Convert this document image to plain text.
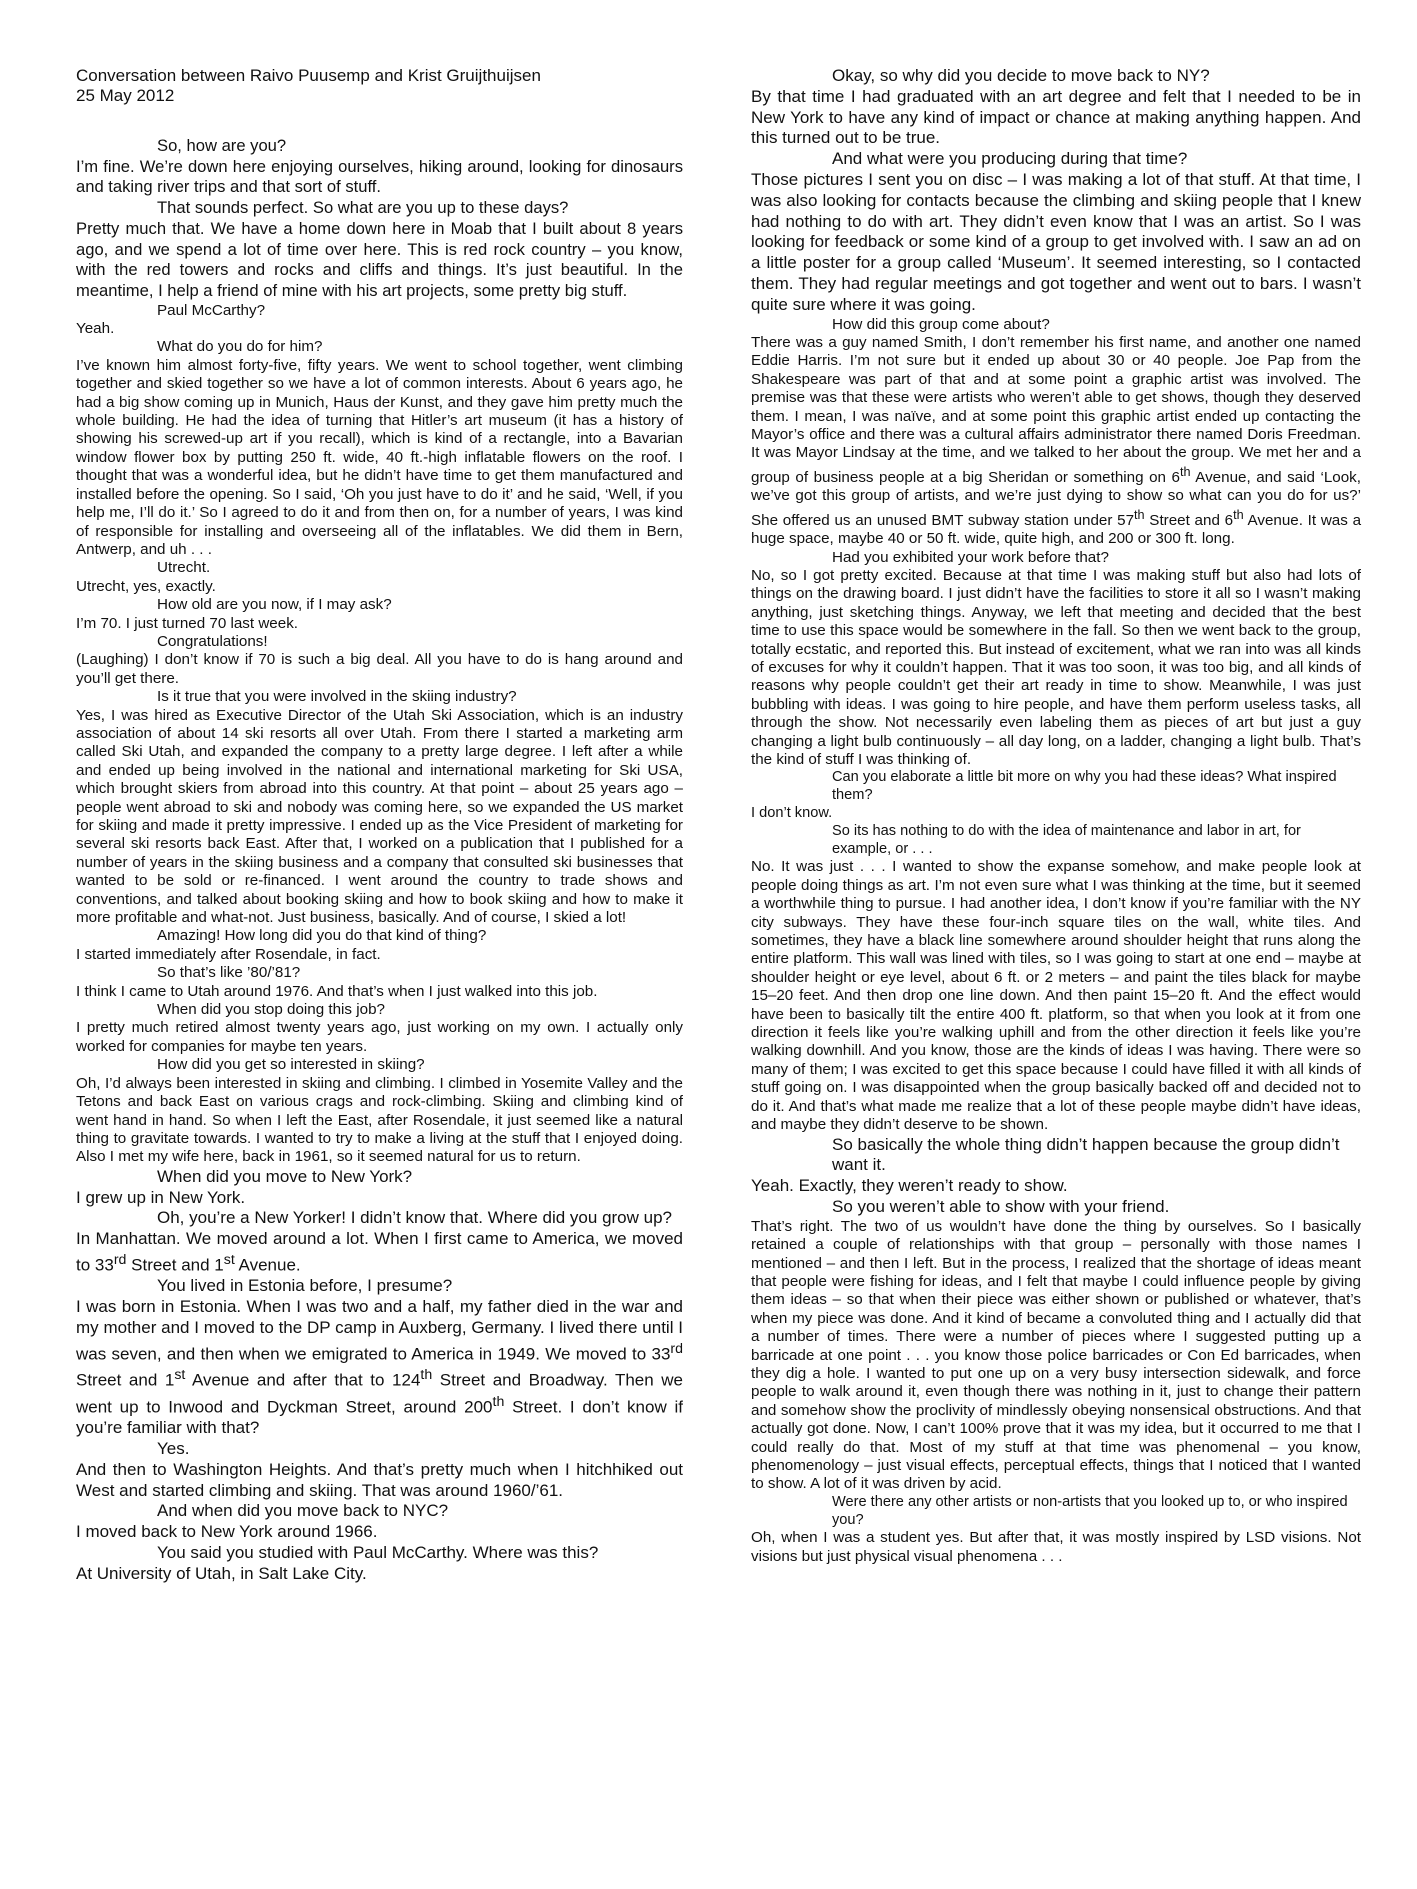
Conversation between Raivo Puusemp and Krist Gruijthuijsen
25 May 2012

So, how are you?

I’m fine. We’re down here enjoying ourselves, hiking around, looking for dinosaurs and taking river trips and that sort of stuff.

That sounds perfect. So what are you up to these days?

Pretty much that. We have a home down here in Moab that I built about 8 years ago, and we spend a lot of time over here. This is red rock country – you know, with the red towers and rocks and cliffs and things. It’s just beautiful. In the meantime, I help a friend of mine with his art projects, some pretty big stuff.

Paul McCarthy?

Yeah.

What do you do for him?

I’ve known him almost forty-five, fifty years. We went to school together, went climbing together and skied together so we have a lot of common interests. About 6 years ago, he had a big show coming up in Munich, Haus der Kunst, and they gave him pretty much the whole building. He had the idea of turning that Hitler’s art museum (it has a history of showing his screwed-up art if you recall), which is kind of a rectangle, into a Bavarian window flower box by putting 250 ft. wide, 40 ft.-high inflatable flowers on the roof. I thought that was a wonderful idea, but he didn’t have time to get them manufactured and installed before the opening. So I said, ‘Oh you just have to do it’ and he said, ‘Well, if you help me, I’ll do it.’ So I agreed to do it and from then on, for a number of years, I was kind of responsible for installing and overseeing all of the inflatables. We did them in Bern, Antwerp, and uh . . .

Utrecht.

Utrecht, yes, exactly.

How old are you now, if I may ask?

I’m 70. I just turned 70 last week.

Congratulations!

(Laughing) I don’t know if 70 is such a big deal. All you have to do is hang around and you’ll get there.

Is it true that you were involved in the skiing industry?

Yes, I was hired as Executive Director of the Utah Ski Association, which is an industry association of about 14 ski resorts all over Utah. From there I started a marketing arm called Ski Utah, and expanded the company to a pretty large degree. I left after a while and ended up being involved in the national and international marketing for Ski USA, which brought skiers from abroad into this country. At that point – about 25 years ago – people went abroad to ski and nobody was coming here, so we expanded the US market for skiing and made it pretty impressive. I ended up as the Vice President of marketing for several ski resorts back East. After that, I worked on a publication that I published for a number of years in the skiing business and a company that consulted ski businesses that wanted to be sold or re-financed. I went around the country to trade shows and conventions, and talked about booking skiing and how to book skiing and how to make it more profitable and what-not. Just business, basically. And of course, I skied a lot!

Amazing! How long did you do that kind of thing?

I started immediately after Rosendale, in fact.

So that’s like ’80/’81?

I think I came to Utah around 1976. And that’s when I just walked into this job.

When did you stop doing this job?

I pretty much retired almost twenty years ago, just working on my own. I actually only worked for companies for maybe ten years.

How did you get so interested in skiing?

Oh, I’d always been interested in skiing and climbing. I climbed in Yosemite Valley and the Tetons and back East on various crags and rock-climbing. Skiing and climbing kind of went hand in hand. So when I left the East, after Rosendale, it just seemed like a natural thing to gravitate towards. I wanted to try to make a living at the stuff that I enjoyed doing. Also I met my wife here, back in 1961, so it seemed natural for us to return.

When did you move to New York?

I grew up in New York.

Oh, you’re a New Yorker! I didn’t know that. Where did you grow up?

In Manhattan. We moved around a lot. When I first came to America, we moved to 33rd Street and 1st Avenue.

You lived in Estonia before, I presume?

I was born in Estonia. When I was two and a half, my father died in the war and my mother and I moved to the DP camp in Auxberg, Germany. I lived there until I was seven, and then when we emigrated to America in 1949. We moved to 33rd Street and 1st Avenue and after that to 124th Street and Broadway. Then we went up to Inwood and Dyckman Street, around 200th Street. I don’t know if you’re familiar with that?

Yes.

And then to Washington Heights. And that’s pretty much when I hitchhiked out West and started climbing and skiing. That was around 1960/’61.

And when did you move back to NYC?

I moved back to New York around 1966.

You said you studied with Paul McCarthy. Where was this?

At University of Utah, in Salt Lake City.

Okay, so why did you decide to move back to NY?

By that time I had graduated with an art degree and felt that I needed to be in New York to have any kind of impact or chance at making anything happen. And this turned out to be true.

And what were you producing during that time?

Those pictures I sent you on disc – I was making a lot of that stuff. At that time, I was also looking for contacts because the climbing and skiing people that I knew had nothing to do with art. They didn’t even know that I was an artist. So I was looking for feedback or some kind of a group to get involved with. I saw an ad on a little poster for a group called ‘Museum’. It seemed interesting, so I contacted them. They had regular meetings and got together and went out to bars. I wasn’t quite sure where it was going.

How did this group come about?

There was a guy named Smith, I don’t remember his first name, and another one named Eddie Harris. I’m not sure but it ended up about 30 or 40 people. Joe Pap from the Shakespeare was part of that and at some point a graphic artist was involved. The premise was that these were artists who weren’t able to get shows, though they deserved them. I mean, I was naïve, and at some point this graphic artist ended up contacting the Mayor’s office and there was a cultural affairs administrator there named Doris Freedman. It was Mayor Lindsay at the time, and we talked to her about the group. We met her and a group of business people at a big Sheridan or something on 6th Avenue, and said ‘Look, we’ve got this group of artists, and we’re just dying to show so what can you do for us?’ She offered us an unused BMT subway station under 57th Street and 6th Avenue. It was a huge space, maybe 40 or 50 ft. wide, quite high, and 200 or 300 ft. long.

Had you exhibited your work before that?

No, so I got pretty excited. Because at that time I was making stuff but also had lots of things on the drawing board. I just didn’t have the facilities to store it all so I wasn’t making anything, just sketching things. Anyway, we left that meeting and decided that the best time to use this space would be somewhere in the fall. So then we went back to the group, totally ecstatic, and reported this. But instead of excitement, what we ran into was all kinds of excuses for why it couldn’t happen. That it was too soon, it was too big, and all kinds of reasons why people couldn’t get their art ready in time to show. Meanwhile, I was just bubbling with ideas. I was going to hire people, and have them perform useless tasks, all through the show. Not necessarily even labeling them as pieces of art but just a guy changing a light bulb continuously – all day long, on a ladder, changing a light bulb. That’s the kind of stuff I was thinking of.

Can you elaborate a little bit more on why you had these ideas? What inspired them?

I don’t know.

So its has nothing to do with the idea of maintenance and labor in art, for example, or . . .

No. It was just . . . I wanted to show the expanse somehow, and make people look at people doing things as art. I’m not even sure what I was thinking at the time, but it seemed a worthwhile thing to pursue. I had another idea, I don’t know if you’re familiar with the NY city subways. They have these four-inch square tiles on the wall, white tiles. And sometimes, they have a black line somewhere around shoulder height that runs along the entire platform. This wall was lined with tiles, so I was going to start at one end – maybe at shoulder height or eye level, about 6 ft. or 2 meters – and paint the tiles black for maybe 15–20 feet. And then drop one line down. And then paint 15–20 ft. And the effect would have been to basically tilt the entire 400 ft. platform, so that when you look at it from one direction it feels like you’re walking uphill and from the other direction it feels like you’re walking downhill. And you know, those are the kinds of ideas I was having. There were so many of them; I was excited to get this space because I could have filled it with all kinds of stuff going on. I was disappointed when the group basically backed off and decided not to do it. And that’s what made me realize that a lot of these people maybe didn’t have ideas, and maybe they didn’t deserve to be shown.

So basically the whole thing didn’t happen because the group didn’t want it.

Yeah. Exactly, they weren’t ready to show.

So you weren’t able to show with your friend.

That’s right. The two of us wouldn’t have done the thing by ourselves. So I basically retained a couple of relationships with that group – personally with those names I mentioned – and then I left. But in the process, I realized that the shortage of ideas meant that people were fishing for ideas, and I felt that maybe I could influence people by giving them ideas – so that when their piece was either shown or published or whatever, that’s when my piece was done. And it kind of became a convoluted thing and I actually did that a number of times. There were a number of pieces where I suggested putting up a barricade at one point . . . you know those police barricades or Con Ed barricades, when they dig a hole. I wanted to put one up on a very busy intersection sidewalk, and force people to walk around it, even though there was nothing in it, just to change their pattern and somehow show the proclivity of mindlessly obeying nonsensical obstructions. And that actually got done. Now, I can’t 100% prove that it was my idea, but it occurred to me that I could really do that. Most of my stuff at that time was phenomenal – you know, phenomenology – just visual effects, perceptual effects, things that I noticed that I wanted to show. A lot of it was driven by acid.

Were there any other artists or non-artists that you looked up to, or who inspired you?

Oh, when I was a student yes. But after that, it was mostly inspired by LSD visions. Not visions but just physical visual phenomena . . .
